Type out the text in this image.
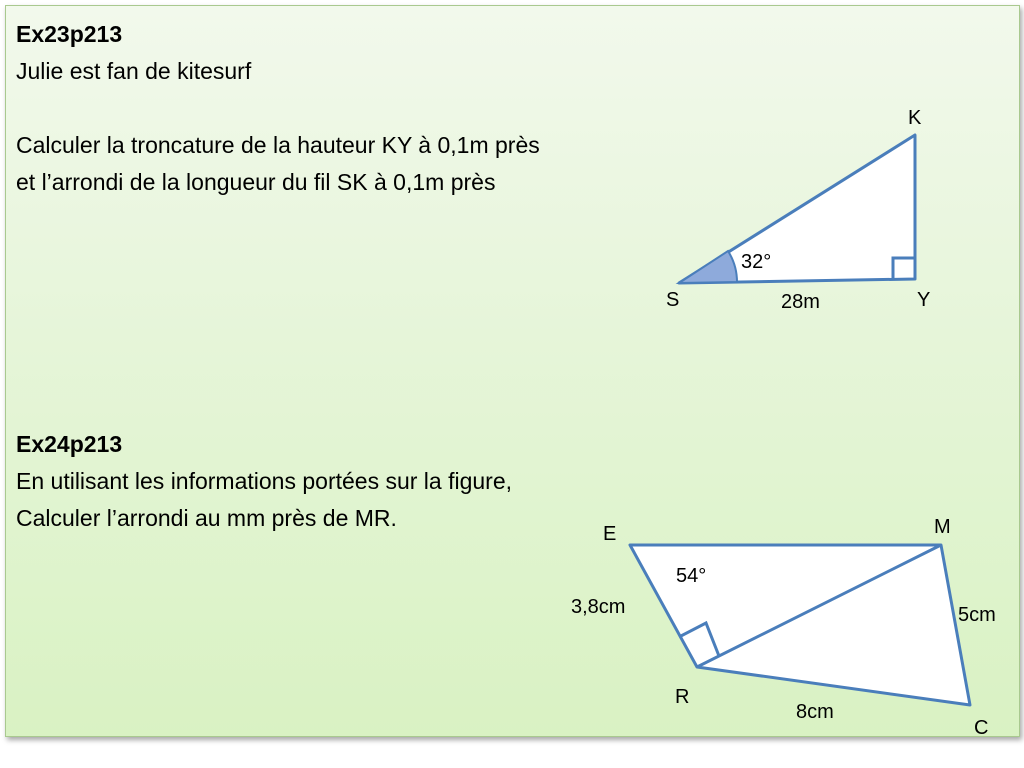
Ex23p213
Julie est fan de kitesurf
Calculer la troncature de la hauteur KY à 0,1m près
et l’arrondi de la longueur du fil SK à 0,1m près
Ex24p213
En utilisant les informations portées sur la figure,
Calculer l’arrondi au mm près de MR.
K
S	Y
32°
28m
E	M
R
C
54°
3,8cm	5cm
8cm
